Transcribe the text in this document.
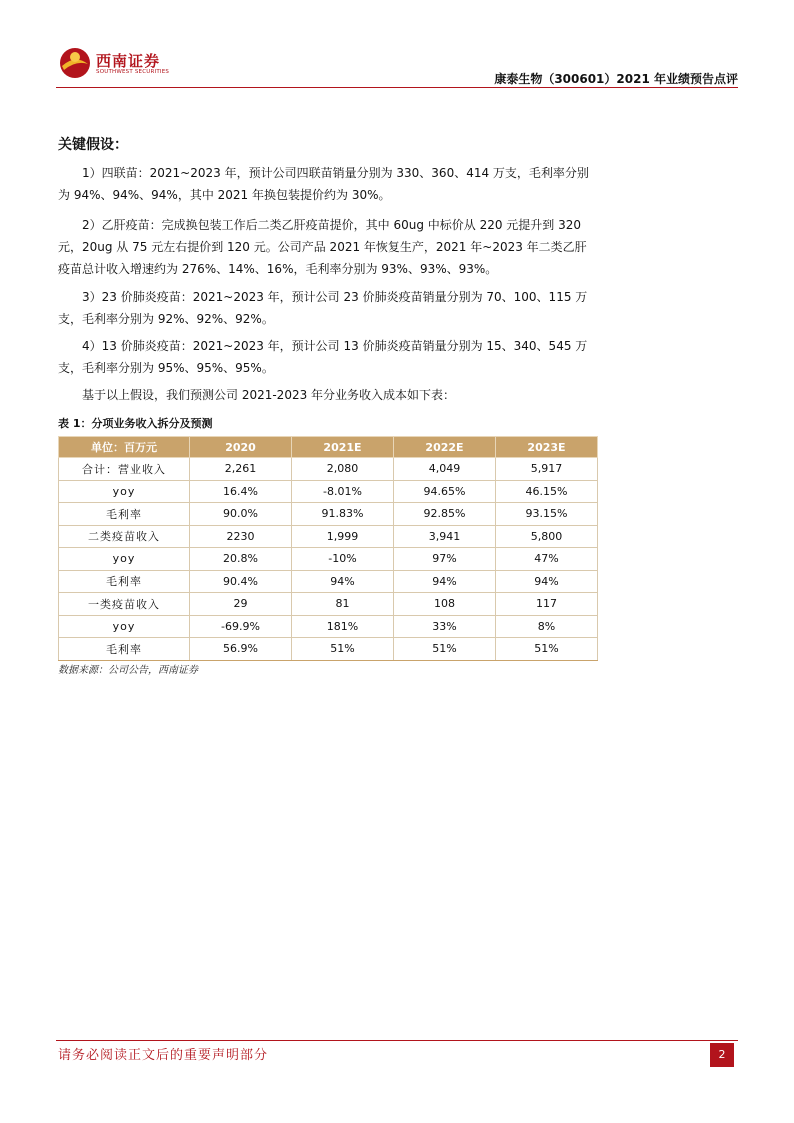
西南证券
SOUTHWEST SECURITIES	康泰生物（300601）2021 年业绩预告点评
关键假设：
1）四联苗：2021~2023 年，预计公司四联苗销量分别为 330、360、414 万支，毛利率分别为 94%、94%、94%，其中 2021 年换包装提价约为 30%。
2）乙肝疫苗：完成换包装工作后二类乙肝疫苗提价，其中 60ug 中标价从 220 元提升到 320 元，20ug 从 75 元左右提价到 120 元。公司产品 2021 年恢复生产，2021 年~2023 年二类乙肝疫苗总计收入增速约为 276%、14%、16%，毛利率分别为 93%、93%、93%。
3）23 价肺炎疫苗：2021~2023 年，预计公司 23 价肺炎疫苗销量分别为 70、100、115 万支，毛利率分别为 92%、92%、92%。
4）13 价肺炎疫苗：2021~2023 年，预计公司 13 价肺炎疫苗销量分别为 15、340、545 万支，毛利率分别为 95%、95%、95%。
基于以上假设，我们预测公司 2021-2023 年分业务收入成本如下表：
表 1：分项业务收入拆分及预测
单位：百万元	2020	2021E	2022E	2023E
合计：营业收入	2,261	2,080	4,049	5,917
yoy	16.4%	-8.01%	94.65%	46.15%
毛利率	90.0%	91.83%	92.85%	93.15%
二类疫苗收入	2230	1,999	3,941	5,800
yoy	20.8%	-10%	97%	47%
毛利率	90.4%	94%	94%	94%
一类疫苗收入	29	81	108	117
yoy	-69.9%	181%	33%	8%
毛利率	56.9%	51%	51%	51%
数据来源：公司公告，西南证券
请务必阅读正文后的重要声明部分	2
